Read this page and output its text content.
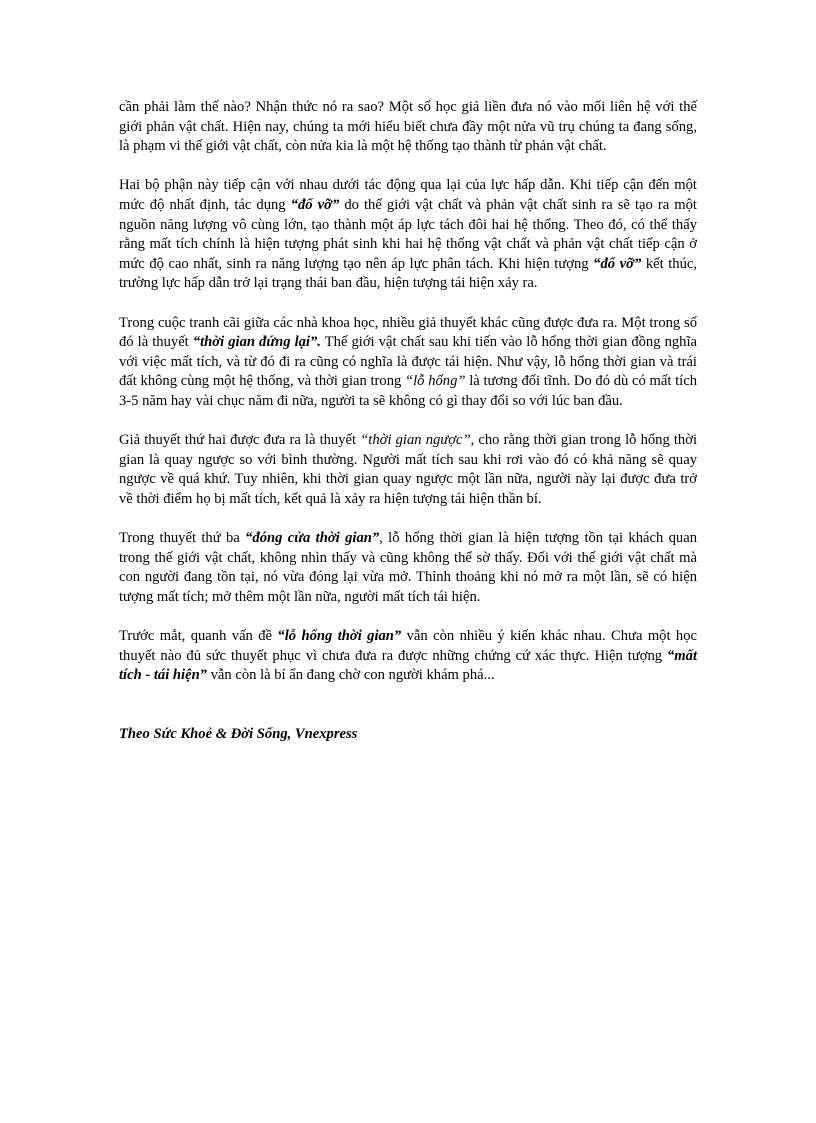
cần phải làm thế nào? Nhận thức nó ra sao? Một số học giả liền đưa nó vào mối liên hệ với thế giới phản vật chất. Hiện nay, chúng ta mới hiểu biết chưa đầy một nửa vũ trụ chúng ta đang sống, là phạm vi thế giới vật chất, còn nửa kia là một hệ thống tạo thành từ phản vật chất.

Hai bộ phận này tiếp cận với nhau dưới tác động qua lại của lực hấp dẫn. Khi tiếp cận đến một mức độ nhất định, tác dụng “đổ vỡ” do thế giới vật chất và phản vật chất sinh ra sẽ tạo ra một nguồn năng lượng vô cùng lớn, tạo thành một áp lực tách đôi hai hệ thống. Theo đó, có thể thấy rằng mất tích chính là hiện tượng phát sinh khi hai hệ thống vật chất và phản vật chất tiếp cận ở mức độ cao nhất, sinh ra năng lượng tạo nên áp lực phân tách. Khi hiện tượng “đổ vỡ” kết thúc, trường lực hấp dẫn trở lại trạng thái ban đầu, hiện tượng tái hiện xảy ra.

Trong cuộc tranh cãi giữa các nhà khoa học, nhiều giả thuyết khác cũng được đưa ra. Một trong số đó là thuyết “thời gian đứng lại”. Thế giới vật chất sau khi tiến vào lỗ hổng thời gian đồng nghĩa với việc mất tích, và từ đó đi ra cũng có nghĩa là được tái hiện. Như vậy, lỗ hổng thời gian và trái đất không cùng một hệ thống, và thời gian trong “lỗ hổng” là tương đối tĩnh. Do đó dù có mất tích 3-5 năm hay vài chục năm đi nữa, người ta sẽ không có gì thay đổi so với lúc ban đầu.

Giả thuyết thứ hai được đưa ra là thuyết “thời gian ngược”, cho rằng thời gian trong lỗ hổng thời gian là quay ngược so với bình thường. Người mất tích sau khi rơi vào đó có khả năng sẽ quay ngược về quá khứ. Tuy nhiên, khi thời gian quay ngược một lần nữa, người này lại được đưa trở về thời điểm họ bị mất tích, kết quả là xảy ra hiện tượng tái hiện thần bí.

Trong thuyết thứ ba “đóng cửa thời gian”, lỗ hổng thời gian là hiện tượng tồn tại khách quan trong thế giới vật chất, không nhìn thấy và cũng không thể sờ thấy. Đối với thế giới vật chất mà con người đang tồn tại, nó vừa đóng lại vừa mở. Thỉnh thoảng khi nó mở ra một lần, sẽ có hiện tượng mất tích; mở thêm một lần nữa, người mất tích tái hiện.

Trước mắt, quanh vấn đề “lỗ hổng thời gian” vẫn còn nhiều ý kiến khác nhau. Chưa một học thuyết nào đủ sức thuyết phục vì chưa đưa ra được những chứng cứ xác thực. Hiện tượng “mất tích - tái hiện” vẫn còn là bí ẩn đang chờ con người khám phá...

Theo Sức Khoẻ & Đời Sống, Vnexpress
